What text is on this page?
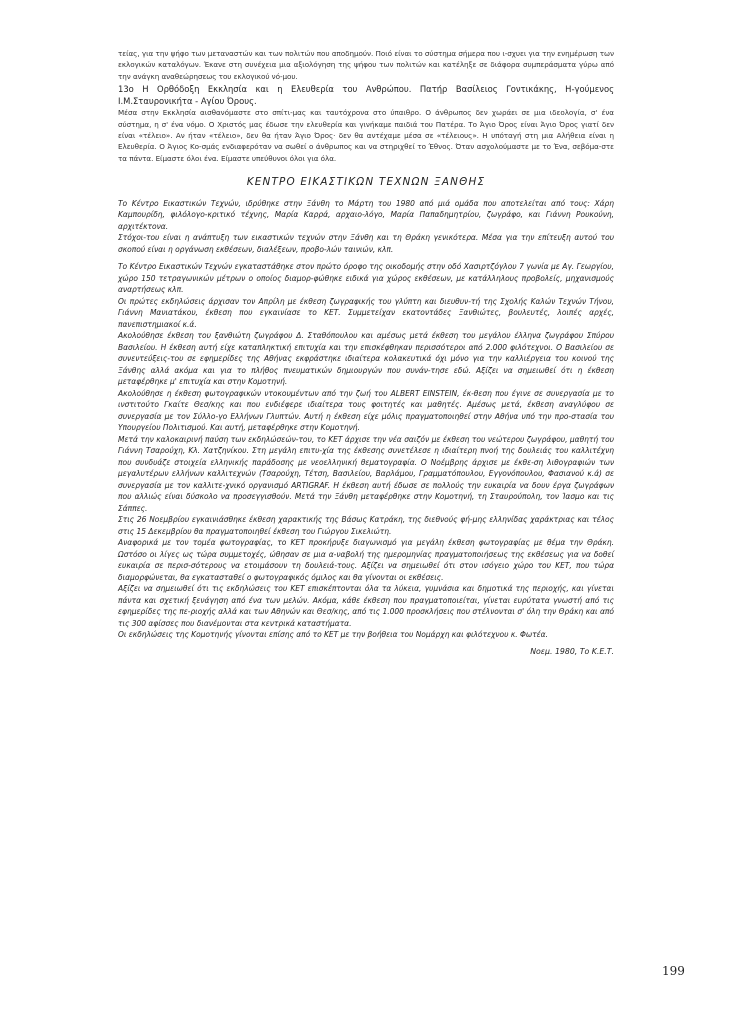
τείας, για την ψήφο των μεταναστών και των πολιτών που αποδημούν. Ποιό είναι το σύστημα σήμερα που ι-σχυει για την ενημέρωση των εκλογικών καταλόγων. Έκανε στη συνέχεια μια αξιολόγηση της ψήφου των πολιτών και κατέληξε σε διάφορα συμπεράσματα γύρω από την ανάγκη αναθεώρησεως του εκλογικού νό-μου.

13ο Η Ορθόδοξη Εκκλησία και η Ελευθερία του Ανθρώπου. Πατήρ Βασίλειος Γοντικάκης, Η-γούμενος Ι.Μ.Σταυρονικήτα - Αγίου Όρους.

Μέσα στην Εκκλησία αισθανόμαστε στο σπίτι-μας και ταυτόχρονα στο ύπαιθρο. Ο άνθρωπος δεν χωράει σε μια ιδεολογία, σ' ένα σύστημα, η σ' ένα νόμο. Ο Χριστός μας έδωσε την ελευθερία και γινήκαμε παιδιά του Πατέρα. Το Άγιο Όρος είναι Άγιο Όρος γιατί δεν είναι «τέλειο». Αν ήταν «τέλειο», δεν θα ήταν Άγιο Όρος· δεν θα αντέχαμε μέσα σε «τέλειους». Η υπόταγή στη μια Αλήθεια είναι η Ελευθερία. Ο Άγιος Κο-σμάς ενδιαφερόταν να σωθεί ο άνθρωπος και να στηριχθεί το Έθνος. Όταν ασχολούμαστε με το Ένα, σεβόμα-στε τα πάντα. Είμαστε όλοι ένα. Είμαστε υπεύθυνοι όλοι για όλα.

ΚΕΝΤΡΟ ΕΙΚΑΣΤΙΚΩΝ ΤΕΧΝΩΝ ΞΑΝΘΗΣ

Το Κέντρο Εικαστικών Τεχνών, ιδρύθηκε στην Ξάνθη το Μάρτη του 1980 από μιά ομάδα που αποτελείται από τους: Χάρη Καμπουρίδη, φιλόλογο-κριτικό τέχνης, Μαρία Καρρά, αρχαιο-λόγο, Μαρία Παπαδημητρίου, ζωγράφο, και Γιάννη Ρουκούνη, αρχιτέκτονα.

Στόχοι-του είναι η ανάπτυξη των εικαστικών τεχνών στην Ξάνθη και τη Θράκη γενικότερα. Μέσα για την επίτευξη αυτού του σκοπού είναι η οργάνωση εκθέσεων, διαλέξεων, προβο-λών ταινιών, κλπ.

Το Κέντρο Εικαστικών Τεχνών εγκαταστάθηκε στον πρώτο όροφο της οικοδομής στην οδό Χασιρτζόγλου 7 γωνία με Αγ. Γεωργίου, χώρο 150 τετραγωνικών μέτρων ο οποίος διαμορ-φώθηκε ειδικά για χώρος εκθέσεων, με κατάλληλους προβολείς, μηχανισμούς αναρτήσεως κλπ.

Οι πρώτες εκδηλώσεις άρχισαν τον Απρίλη με έκθεση ζωγραφικής του γλύπτη και διευθυν-τή της Σχολής Καλών Τεχνών Τήνου, Γιάννη Μανιατάκου, έκθεση που εγκαινίασε το ΚΕΤ. Συμμετείχαν εκατοντάδες Ξανθιώτες, βουλευτές, λοιπές αρχές, πανεπιστημιακοί κ.ά.

Ακολούθησε έκθεση του ξανθιώτη ζωγράφου Δ. Σταθόπουλου και αμέσως μετά έκθεση του μεγάλου έλληνα ζωγράφου Σπύρου Βασιλείου. Η έκθεση αυτή είχε καταπληκτική επιτυχία και την επισκέφθηκαν περισσότεροι από 2.000 φιλότεχνοι. Ο Βασιλείου σε συνεντεύξεις-του σε εφημερίδες της Αθήνας εκφράστηκε ιδιαίτερα κολακευτικά όχι μόνο για την καλλιέργεια του κοινού της Ξάνθης αλλά ακόμα και για το πλήθος πνευματικών δημιουργών που συνάν-τησε εδώ. Αξίζει να σημειωθεί ότι η έκθεση μεταφέρθηκε μ' επιτυχία και στην Κομοτηνή.

Ακολούθησε η έκθεση φωτογραφικών ντοκουμέντων από την ζωή του ALBERT EINSTEIN, έκ-θεση που έγινε σε συνεργασία με το ινστιτούτο Γκαίτε Θεσ/κης και που ενδιέφερε ιδιαίτερα τους φοιτητές και μαθητές. Αμέσως μετά, έκθεση αναγλύφου σε συνεργασία με τον Σύλλο-γο Ελλήνων Γλυπτών. Αυτή η έκθεση είχε μόλις πραγματοποιηθεί στην Αθήνα υπό την προ-στασία του Υπουργείου Πολιτισμού. Και αυτή, μεταφέρθηκε στην Κομοτηνή.

Μετά την καλοκαιρινή παύση των εκδηλώσεών-του, το ΚΕΤ άρχισε την νέα σαιζόν με έκθεση του νεώτερου ζωγράφου, μαθητή του Γιάννη Τσαρούχη, Κλ. Χατζηνίκου. Στη μεγάλη επιτυ-χία της έκθεσης συνετέλεσε η ιδιαίτερη πνοή της δουλειάς του καλλιτέχνη που συνδυάζε στοιχεία ελληνικής παράδοσης με νεοελληνική θεματογραφία. Ο Νοέμβρης άρχισε με έκθε-ση λιθογραφιών των μεγαλυτέρων ελλήνων καλλιτεχνών (Τσαρούχη, Τέτση, Βασιλείου, Βαρλάμου, Γραμματόπουλου, Εγγονόπουλου, Φασιανού κ.ά) σε συνεργασία με τον καλλιτε-χνικό οργανισμό ARTIGRAF. Η έκθεση αυτή έδωσε σε πολλούς την ευκαιρία να δουν έργα ζωγράφων που αλλιώς είναι δύσκολο να προσεγγισθούν. Μετά την Ξάνθη μεταφέρθηκε στην Κομοτηνή, τη Σταυρούπολη, τον Ίασμο και τις Σάππες.

Στις 26 Νοεμβρίου εγκαινιάσθηκε έκθεση χαρακτικής της Βάσως Κατράκη, της διεθνούς φή-μης ελληνίδας χαράκτριας και τέλος στις 15 Δεκεμβρίου θα πραγματοποιηθεί έκθεση του Γιώργου Σικελιώτη.

Αναφορικά με τον τομέα φωτογραφίας, το ΚΕΤ προκήρυξε διαγωνισμό για μεγάλη έκθεση φωτογραφίας με θέμα την Θράκη. Ωστόσο οι λίγες ως τώρα συμμετοχές, ώθησαν σε μια α-ναβολή της ημερομηνίας πραγματοποιήσεως της εκθέσεως για να δοθεί ευκαιρία σε περισ-σότερους να ετοιμάσουν τη δουλειά-τους. Αξίζει να σημειωθεί ότι στον ισόγειο χώρο του ΚΕΤ, που τώρα διαμορφώνεται, θα εγκατασταθεί ο φωτογραφικός όμιλος και θα γίνονται οι εκθέσεις.

Αξίζει να σημειωθεί ότι τις εκδηλώσεις του ΚΕΤ επισκέπτονται όλα τα λύκεια, γυμνάσια και δημοτικά της περιοχής, και γίνεται πάντα και σχετική ξενάγηση από ένα των μελών. Ακόμα, κάθε έκθεση που πραγματοποιείται, γίνεται ευρύτατα γνωστή από τις εφημερίδες της πε-ριοχής αλλά και των Αθηνών και Θεσ/κης, από τις 1.000 προσκλήσεις που στέλνονται σ' όλη την Θράκη και από τις 300 αφίσσες που διανέμονται στα κεντρικά καταστήματα.

Οι εκδηλώσεις της Κομοτηνής γίνονται επίσης από το ΚΕΤ με την βοήθεια του Νομάρχη και φιλότεχνου κ. Φωτέα.

Νοεμ. 1980, Το Κ.Ε.Τ.

199
